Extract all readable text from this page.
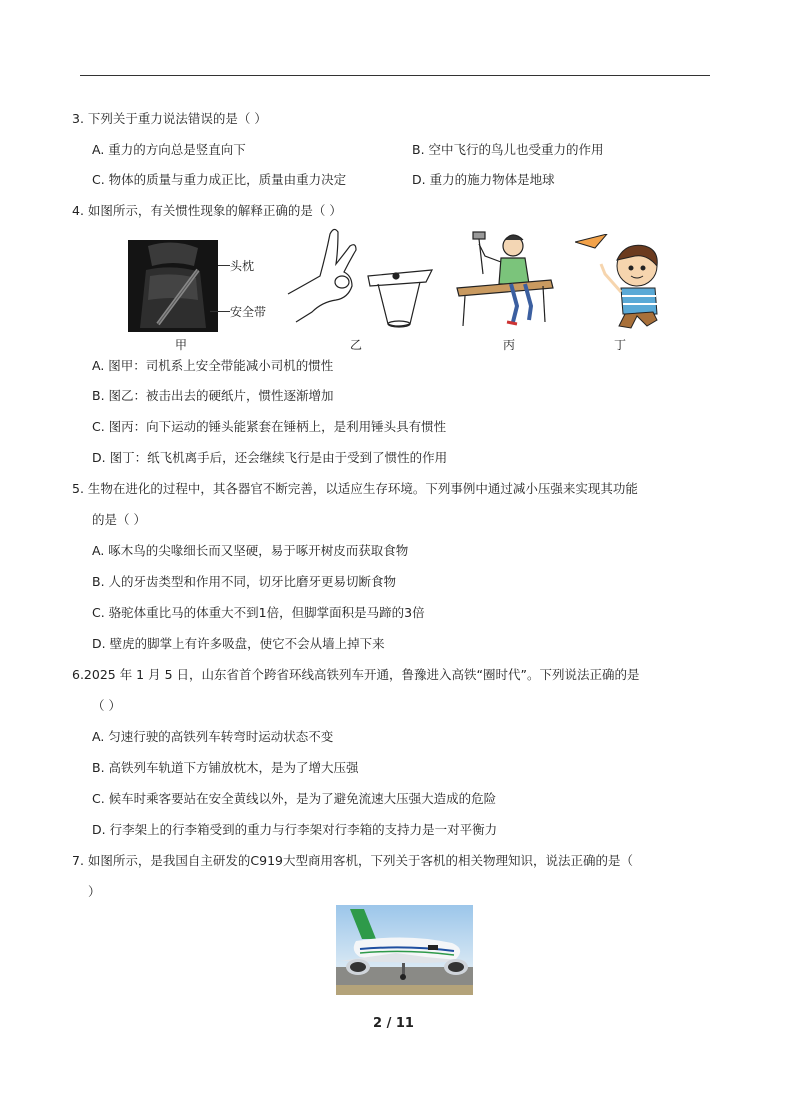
3. 下列关于重力说法错误的是（ ）
A. 重力的方向总是竖直向下	B. 空中飞行的鸟儿也受重力的作用
C. 物体的质量与重力成正比，质量由重力决定	D. 重力的施力物体是地球
4. 如图所示，有关惯性现象的解释正确的是（ ）
头枕
安全带
甲	乙	丙	丁
A. 图甲：司机系上安全带能减小司机的惯性
B. 图乙：被击出去的硬纸片，惯性逐渐增加
C. 图丙：向下运动的锤头能紧套在锤柄上，是利用锤头具有惯性
D. 图丁：纸飞机离手后，还会继续飞行是由于受到了惯性的作用
5. 生物在进化的过程中，其各器官不断完善，以适应生存环境。下列事例中通过减小压强来实现其功能
的是（ ）
A. 啄木鸟的尖喙细长而又坚硬，易于啄开树皮而获取食物
B. 人的牙齿类型和作用不同，切牙比磨牙更易切断食物
C. 骆驼体重比马的体重大不到1倍，但脚掌面积是马蹄的3倍
D. 壁虎的脚掌上有许多吸盘，使它不会从墙上掉下来
6.2025 年 1 月 5 日，山东省首个跨省环线高铁列车开通，鲁豫进入高铁“圈时代”。下列说法正确的是
（ ）
A. 匀速行驶的高铁列车转弯时运动状态不变
B. 高铁列车轨道下方铺放枕木，是为了增大压强
C. 候车时乘客要站在安全黄线以外，是为了避免流速大压强大造成的危险
D. 行李架上的行李箱受到的重力与行李架对行李箱的支持力是一对平衡力
7. 如图所示，是我国自主研发的C919大型商用客机，下列关于客机的相关物理知识，说法正确的是（
）
2 / 11
